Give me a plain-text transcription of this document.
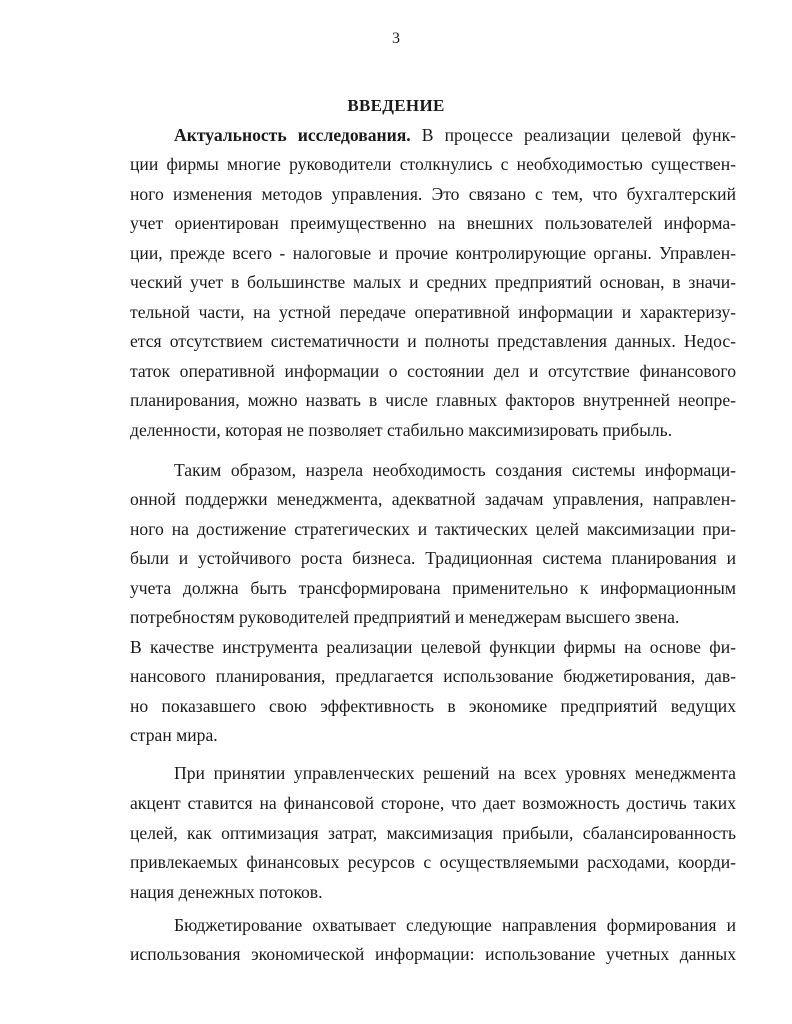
3
ВВЕДЕНИЕ
Актуальность исследования. В процессе реализации целевой функ-
ции фирмы многие руководители столкнулись с необходимостью существен-
ного изменения методов управления. Это связано с тем, что бухгалтерский
учет ориентирован преимущественно на внешних пользователей информа-
ции, прежде всего - налоговые и прочие контролирующие органы. Управлен-
ческий учет в большинстве малых и средних предприятий основан, в значи-
тельной части, на устной передаче оперативной информации и характеризу-
ется отсутствием систематичности и полноты представления данных. Недос-
таток оперативной информации о состоянии дел и отсутствие финансового
планирования, можно назвать в числе главных факторов внутренней неопре-
деленности, которая не позволяет стабильно максимизировать прибыль.
Таким образом, назрела необходимость создания системы информаци-
онной поддержки менеджмента, адекватной задачам управления, направлен-
ного на достижение стратегических и тактических целей максимизации при-
были и устойчивого роста бизнеса. Традиционная система планирования и
учета должна быть трансформирована применительно к информационным
потребностям руководителей предприятий и менеджерам высшего звена.
В качестве инструмента реализации целевой функции фирмы на основе фи-
нансового планирования, предлагается использование бюджетирования, дав-
но показавшего свою эффективность в экономике предприятий ведущих
стран мира.
При принятии управленческих решений на всех уровнях менеджмента
акцент ставится на финансовой стороне, что дает возможность достичь таких
целей, как оптимизация затрат, максимизация прибыли, сбалансированность
привлекаемых финансовых ресурсов с осуществляемыми расходами, коорди-
нация денежных потоков.
Бюджетирование охватывает следующие направления формирования и
использования экономической информации: использование учетных данных
